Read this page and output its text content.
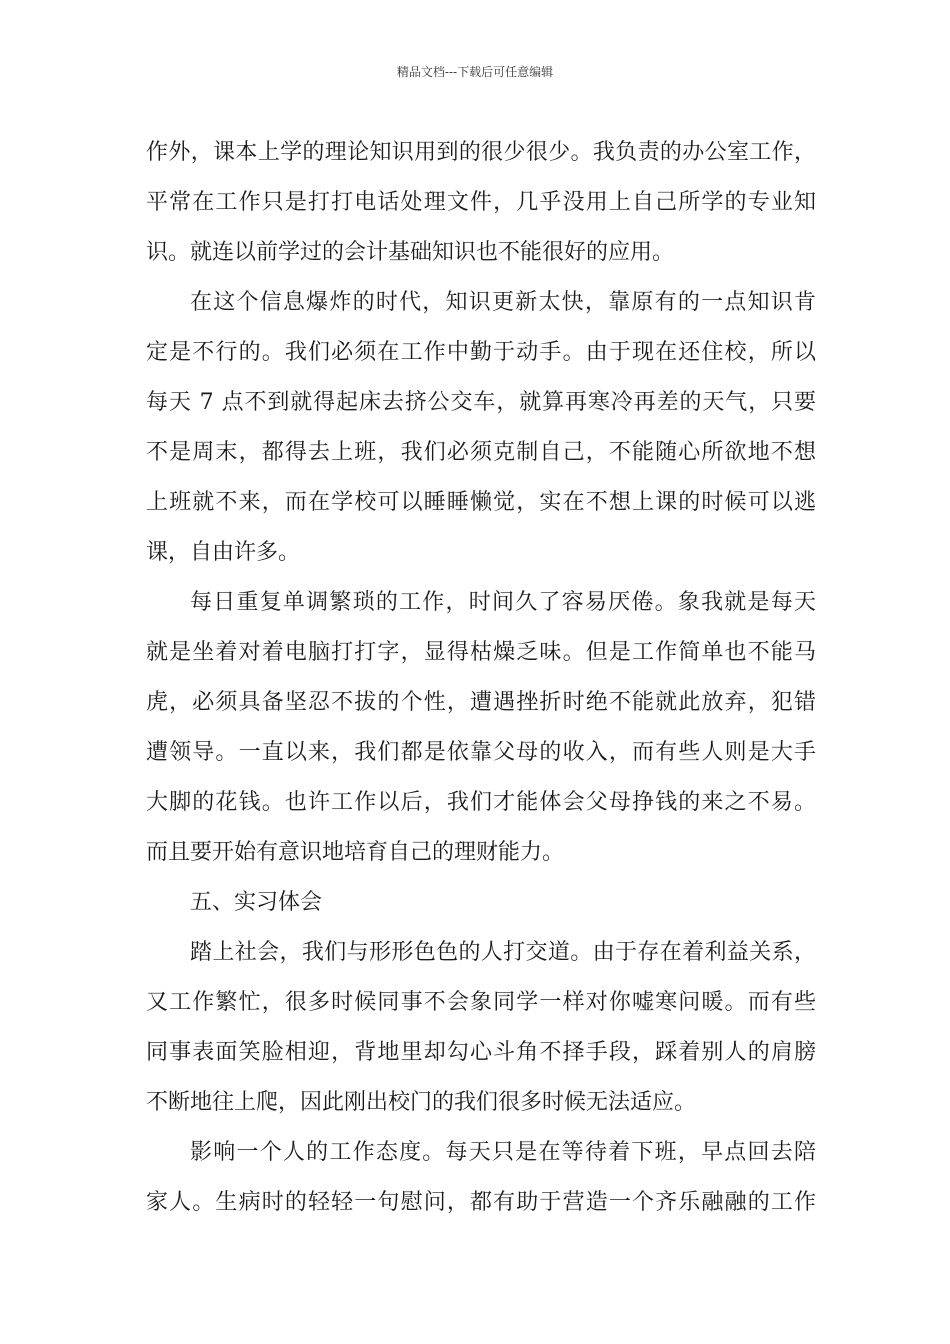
精品文档---下载后可任意编辑
作外，课本上学的理论知识用到的很少很少。我负责的办公室工作，
平常在工作只是打打电话处理文件，几乎没用上自己所学的专业知
识。就连以前学过的会计基础知识也不能很好的应用。
在这个信息爆炸的时代，知识更新太快，靠原有的一点知识肯
定是不行的。我们必须在工作中勤于动手。由于现在还住校，所以
每天 7 点不到就得起床去挤公交车，就算再寒冷再差的天气，只要
不是周末，都得去上班，我们必须克制自己，不能随心所欲地不想
上班就不来，而在学校可以睡睡懒觉，实在不想上课的时候可以逃
课，自由许多。
每日重复单调繁琐的工作，时间久了容易厌倦。象我就是每天
就是坐着对着电脑打打字，显得枯燥乏味。但是工作简单也不能马
虎，必须具备坚忍不拔的个性，遭遇挫折时绝不能就此放弃，犯错
遭领导。一直以来，我们都是依靠父母的收入，而有些人则是大手
大脚的花钱。也许工作以后，我们才能体会父母挣钱的来之不易。
而且要开始有意识地培育自己的理财能力。
五、实习体会
踏上社会，我们与形形色色的人打交道。由于存在着利益关系，
又工作繁忙，很多时候同事不会象同学一样对你嘘寒问暖。而有些
同事表面笑脸相迎，背地里却勾心斗角不择手段，踩着别人的肩膀
不断地往上爬，因此刚出校门的我们很多时候无法适应。
影响一个人的工作态度。每天只是在等待着下班，早点回去陪
家人。生病时的轻轻一句慰问，都有助于营造一个齐乐融融的工作
